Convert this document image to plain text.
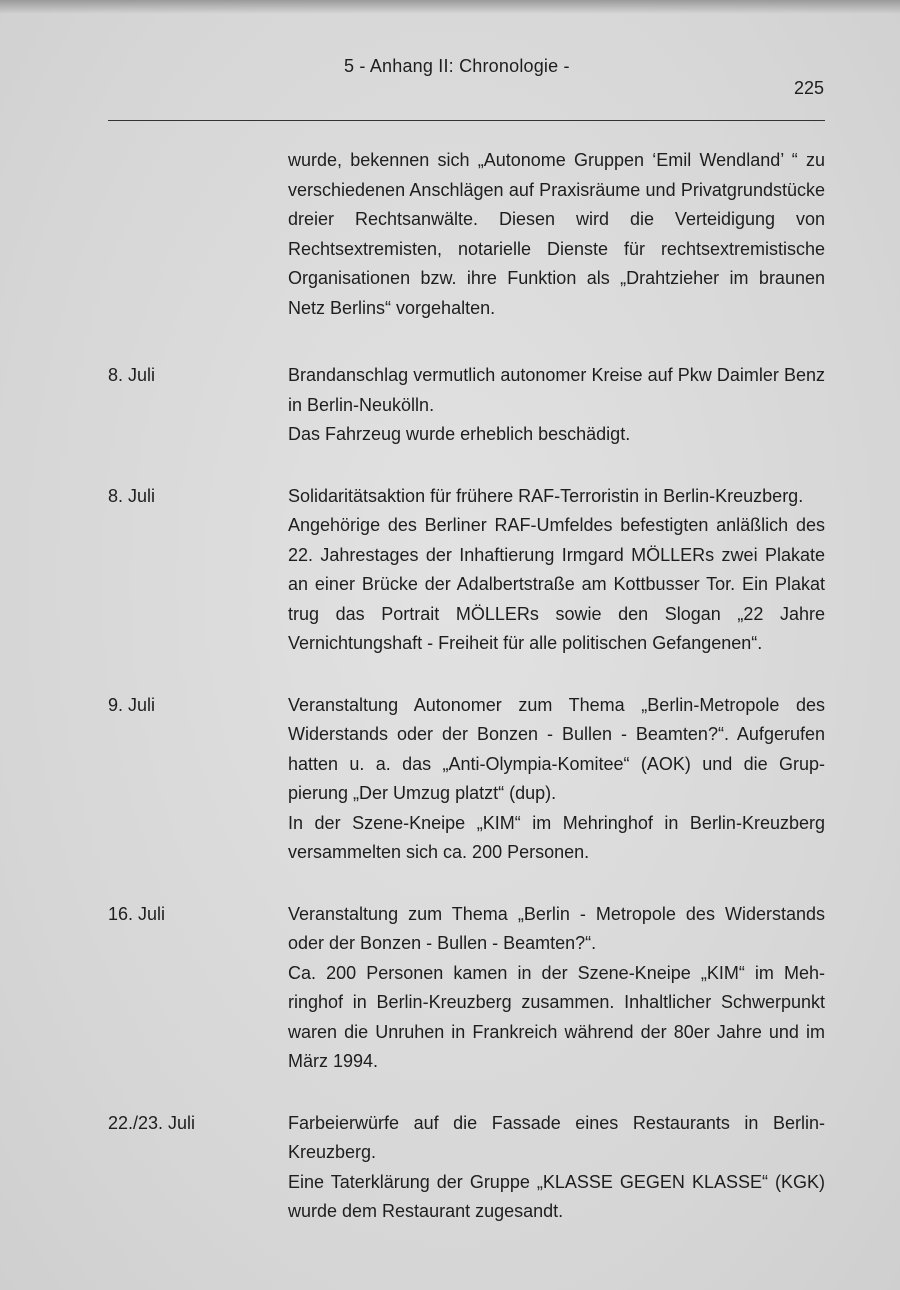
5 - Anhang II: Chronologie -
225

wurde, bekennen sich „Autonome Gruppen ‘Emil Wendland’ “ zu verschiedenen Anschlägen auf Praxisräume und Privatgrundstücke dreier Rechtsanwälte. Diesen wird die Verteidigung von Rechtsextremisten, notarielle Dienste für rechtsextremistische Organisationen bzw. ihre Funktion als „Drahtzieher im braunen Netz Berlins“ vorgehalten.

8. Juli	Brandanschlag vermutlich autonomer Kreise auf Pkw Daimler Benz in Berlin-Neukölln.

Das Fahrzeug wurde erheblich beschädigt.

8. Juli	Solidaritätsaktion für frühere RAF-Terroristin in Berlin-Kreuzberg.

Angehörige des Berliner RAF-Umfeldes befestigten anläßlich des 22. Jahrestages der Inhaftierung Irmgard MÖLLERs zwei Plakate an einer Brücke der Adalbertstraße am Kottbusser Tor. Ein Plakat trug das Portrait MÖLLERs sowie den Slogan „22 Jahre Vernichtungshaft - Freiheit für alle politischen Gefangenen“.

9. Juli	Veranstaltung Autonomer zum Thema „Berlin-Metropole des Widerstands oder der Bonzen - Bullen - Beamten?“. Aufgerufen hatten u. a. das „Anti-Olympia-Komitee“ (AOK) und die Gruppierung „Der Umzug platzt“ (dup).

In der Szene-Kneipe „KIM“ im Mehringhof in Berlin-Kreuzberg versammelten sich ca. 200 Personen.

16. Juli	Veranstaltung zum Thema „Berlin - Metropole des Widerstands oder der Bonzen - Bullen - Beamten?“.

Ca. 200 Personen kamen in der Szene-Kneipe „KIM“ im Mehringhof in Berlin-Kreuzberg zusammen. Inhaltlicher Schwerpunkt waren die Unruhen in Frankreich während der 80er Jahre und im März 1994.

22./23. Juli	Farbeierwürfe auf die Fassade eines Restaurants in Berlin-Kreuzberg.

Eine Taterklärung der Gruppe „KLASSE GEGEN KLASSE“ (KGK) wurde dem Restaurant zugesandt.
